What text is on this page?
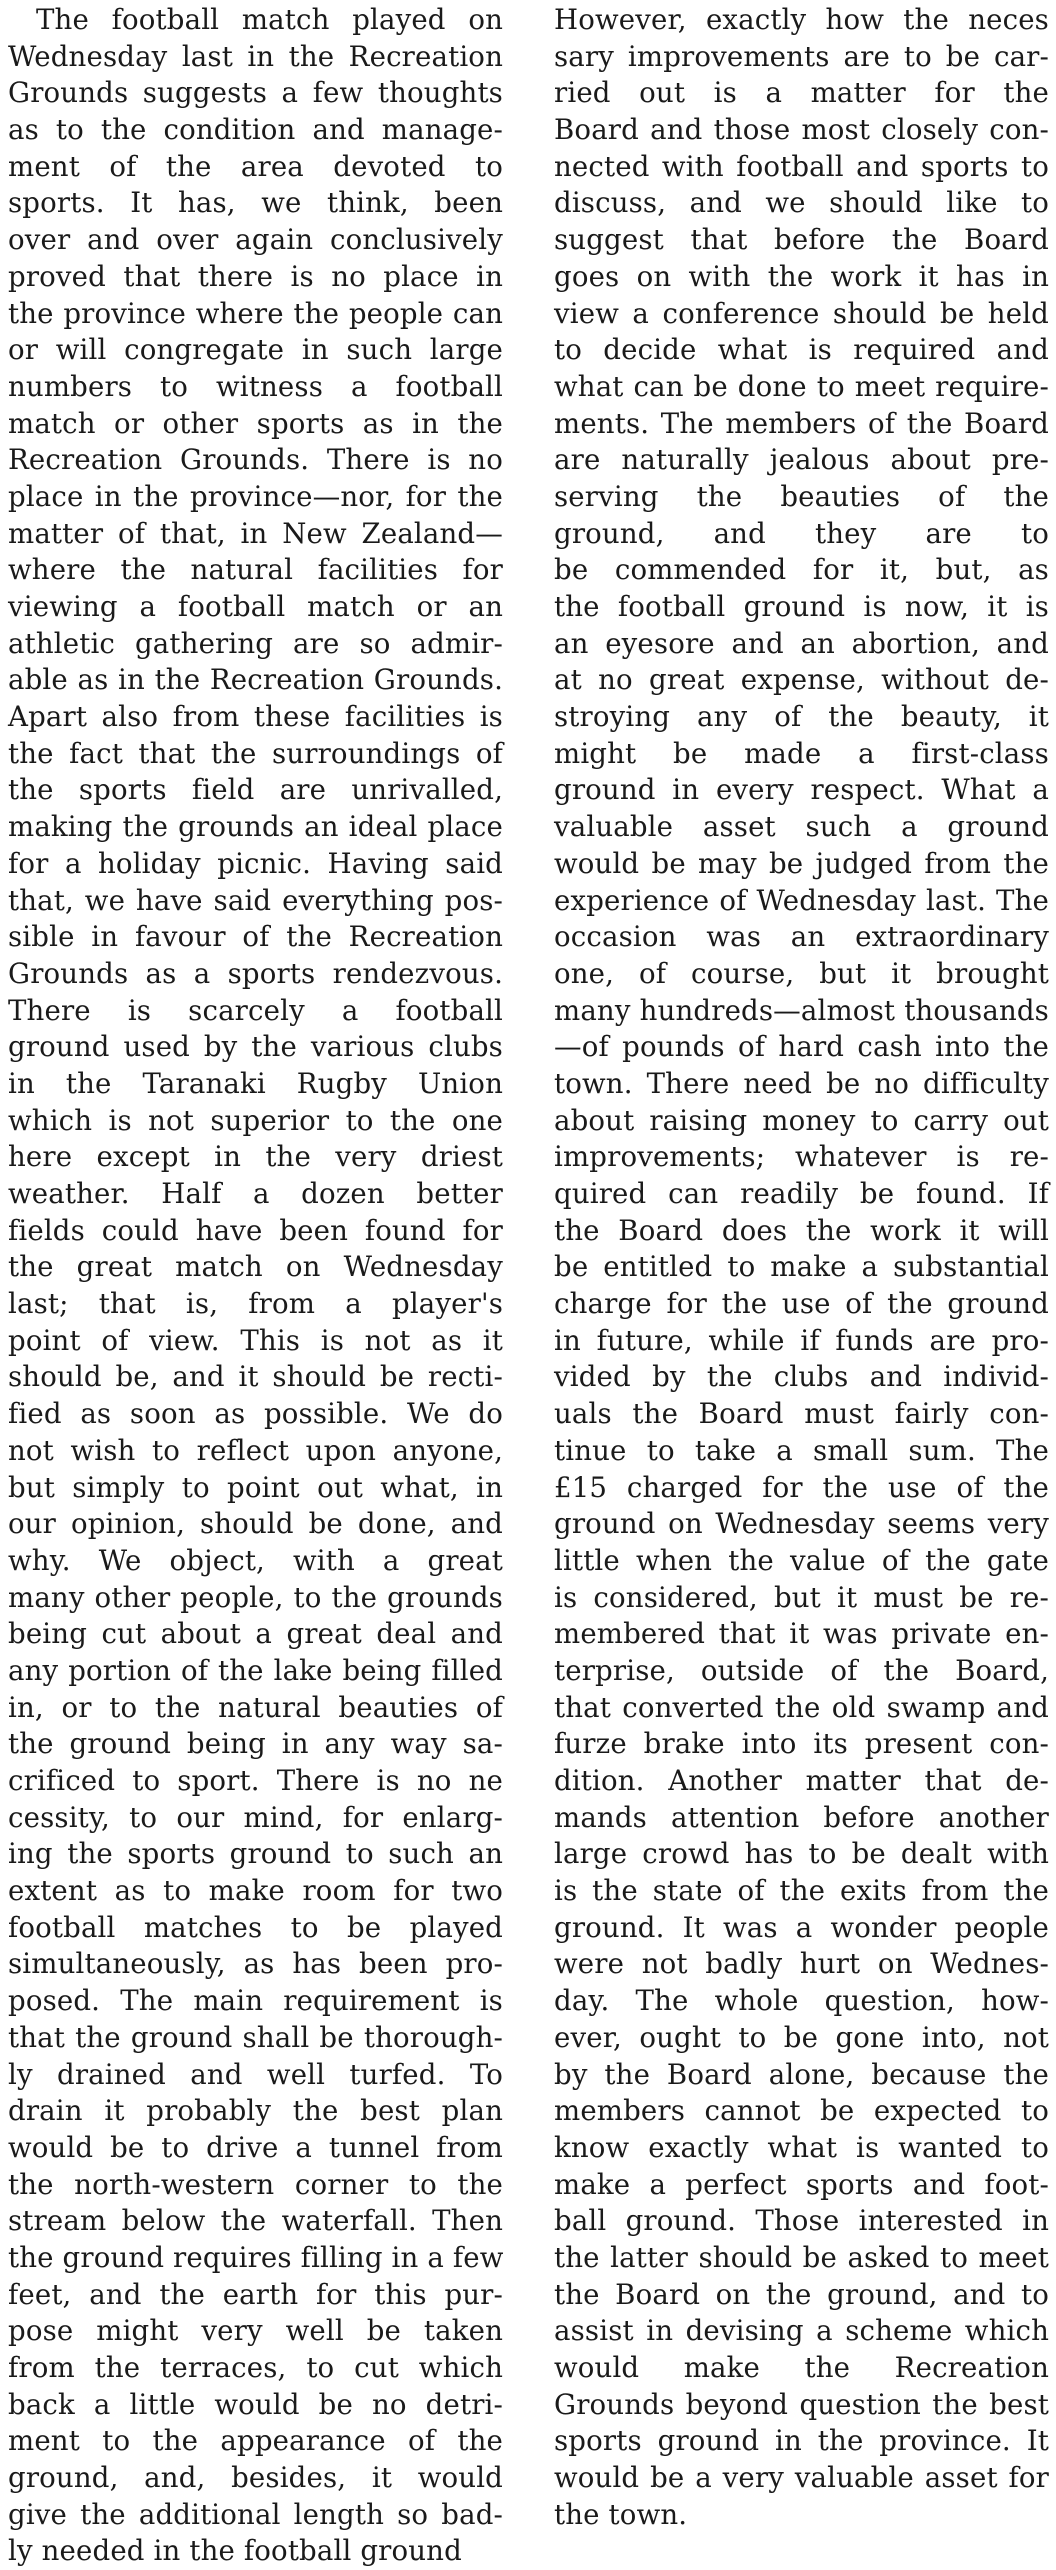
The football match played on
Wednesday last in the Recreation
Grounds suggests a few thoughts
as to the condition and manage-
ment of the area devoted to
sports. It has, we think, been
over and over again conclusively
proved that there is no place in
the province where the people can
or will congregate in such large
numbers to witness a football
match or other sports as in the
Recreation Grounds. There is no
place in the province—nor, for the
matter of that, in New Zealand—
where the natural facilities for
viewing a football match or an
athletic gathering are so admir-
able as in the Recreation Grounds.
Apart also from these facilities is
the fact that the surroundings of
the sports field are unrivalled,
making the grounds an ideal place
for a holiday picnic. Having said
that, we have said everything pos-
sible in favour of the Recreation
Grounds as a sports rendezvous.
There is scarcely a football
ground used by the various clubs
in the Taranaki Rugby Union
which is not superior to the one
here except in the very driest
weather. Half a dozen better
fields could have been found for
the great match on Wednesday
last; that is, from a player's
point of view. This is not as it
should be, and it should be recti-
fied as soon as possible. We do
not wish to reflect upon anyone,
but simply to point out what, in
our opinion, should be done, and
why. We object, with a great
many other people, to the grounds
being cut about a great deal and
any portion of the lake being filled
in, or to the natural beauties of
the ground being in any way sa-
crificed to sport. There is no ne
cessity, to our mind, for enlarg-
ing the sports ground to such an
extent as to make room for two
football matches to be played
simultaneously, as has been pro-
posed. The main requirement is
that the ground shall be thorough-
ly drained and well turfed. To
drain it probably the best plan
would be to drive a tunnel from
the north-western corner to the
stream below the waterfall. Then
the ground requires filling in a few
feet, and the earth for this pur-
pose might very well be taken
from the terraces, to cut which
back a little would be no detri-
ment to the appearance of the
ground, and, besides, it would
give the additional length so bad-
ly needed in the football ground
However, exactly how the neces
sary improvements are to be car-
ried out is a matter for the
Board and those most closely con-
nected with football and sports to
discuss, and we should like to
suggest that before the Board
goes on with the work it has in
view a conference should be held
to decide what is required and
what can be done to meet require-
ments. The members of the Board
are naturally jealous about pre-
serving the beauties of the
ground, and they are to
be commended for it, but, as
the football ground is now, it is
an eyesore and an abortion, and
at no great expense, without de-
stroying any of the beauty, it
might be made a first-class
ground in every respect. What a
valuable asset such a ground
would be may be judged from the
experience of Wednesday last. The
occasion was an extraordinary
one, of course, but it brought
many hundreds—almost thousands
—of pounds of hard cash into the
town. There need be no difficulty
about raising money to carry out
improvements; whatever is re-
quired can readily be found. If
the Board does the work it will
be entitled to make a substantial
charge for the use of the ground
in future, while if funds are pro-
vided by the clubs and individ-
uals the Board must fairly con-
tinue to take a small sum. The
£15 charged for the use of the
ground on Wednesday seems very
little when the value of the gate
is considered, but it must be re-
membered that it was private en-
terprise, outside of the Board,
that converted the old swamp and
furze brake into its present con-
dition. Another matter that de-
mands attention before another
large crowd has to be dealt with
is the state of the exits from the
ground. It was a wonder people
were not badly hurt on Wednes-
day. The whole question, how-
ever, ought to be gone into, not
by the Board alone, because the
members cannot be expected to
know exactly what is wanted to
make a perfect sports and foot-
ball ground. Those interested in
the latter should be asked to meet
the Board on the ground, and to
assist in devising a scheme which
would make the Recreation
Grounds beyond question the best
sports ground in the province. It
would be a very valuable asset for
the town.
